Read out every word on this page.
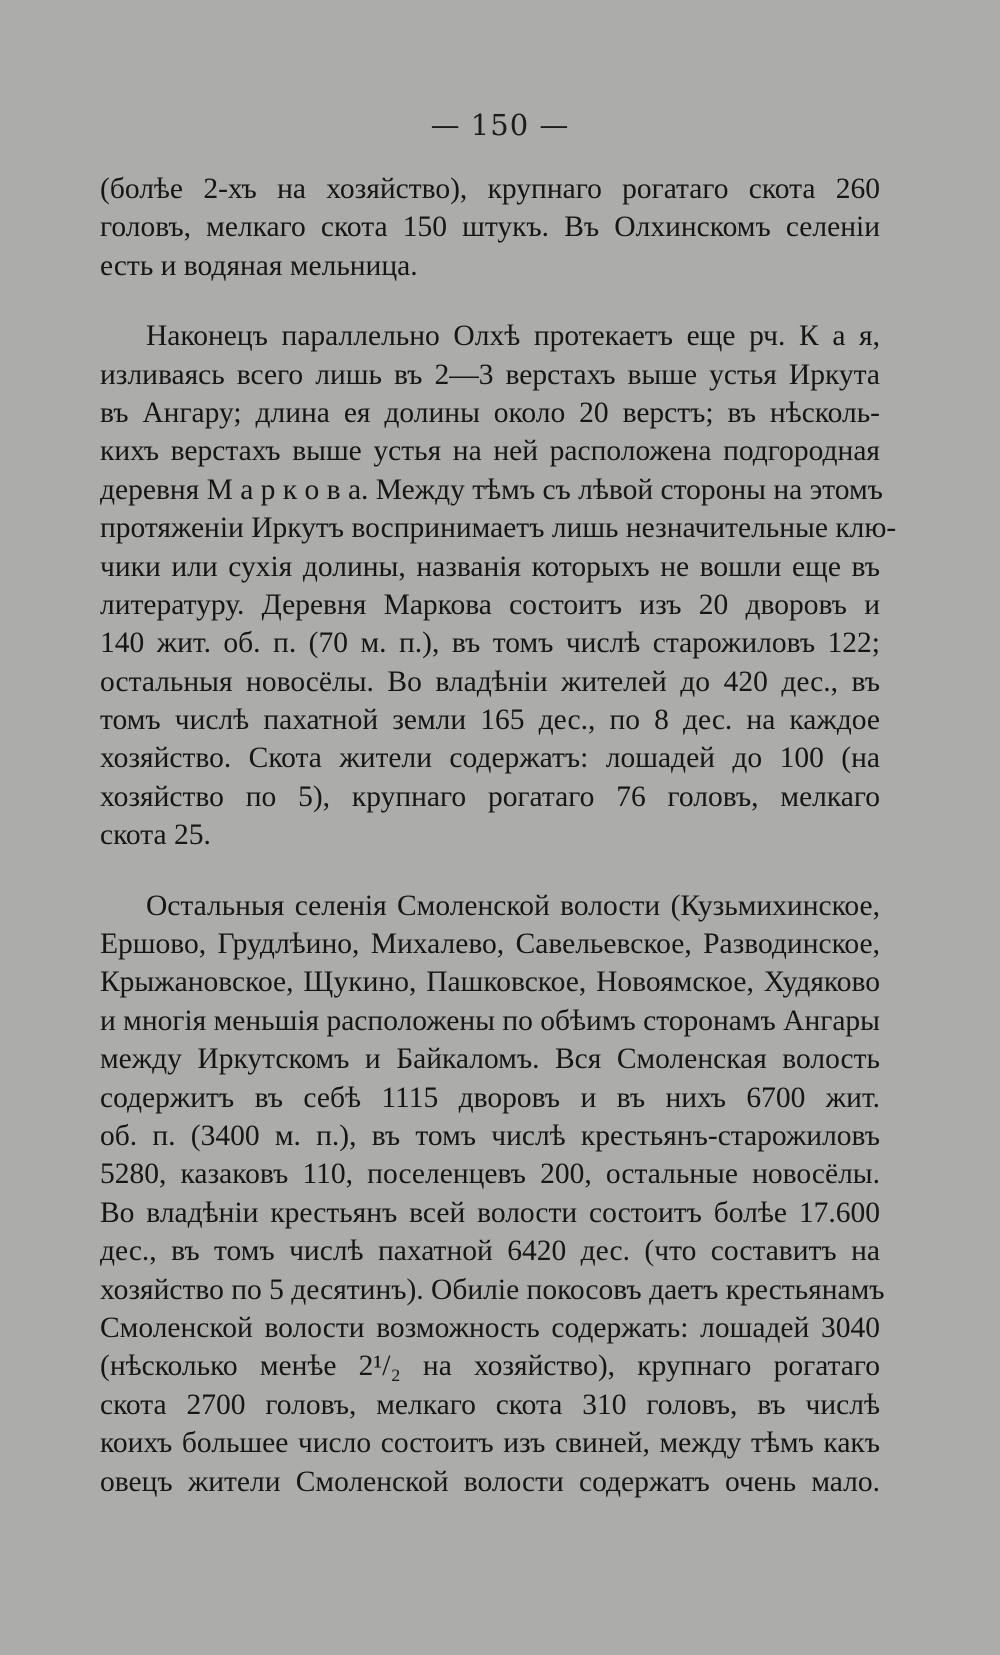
— 150 —
(болѣе 2-хъ на хозяйство), крупнаго рогатаго скота 260
головъ, мелкаго скота 150 штукъ. Въ Олхинскомъ селенiи
есть и водяная мельница.
Наконецъ параллельно Олхѣ протекаетъ еще рч. К а я,
изливаясь всего лишь въ 2—3 верстахъ выше устья Иркута
въ Ангару; длина ея долины около 20 верстъ; въ нѣсколь-
кихъ верстахъ выше устья на ней расположена подгородная
деревня М а р к о в а. Между тѣмъ съ лѣвой стороны на этомъ
протяженiи Иркутъ воспринимаетъ лишь незначительные клю-
чики или сухiя долины, названiя которыхъ не вошли еще въ
литературу. Деревня Маркова состоитъ изъ 20 дворовъ и
140 жит. об. п. (70 м. п.), въ томъ числѣ старожиловъ 122;
остальныя новосёлы. Во владѣнiи жителей до 420 дес., въ
томъ числѣ пахатной земли 165 дес., по 8 дес. на каждое
хозяйство. Скота жители содержатъ: лошадей до 100 (на
хозяйство по 5), крупнаго рогатаго 76 головъ, мелкаго
скота 25.
Остальныя селенiя Смоленской волости (Кузьмихинское,
Ершово, Грудлѣино, Михалево, Савельевское, Разводинское,
Крыжановское, Щукино, Пашковское, Новоямское, Худяково
и многiя меньшiя расположены по обѣимъ сторонамъ Ангары
между Иркутскомъ и Байкаломъ. Вся Смоленская волость
содержитъ въ себѣ 1115 дворовъ и въ нихъ 6700 жит.
об. п. (3400 м. п.), въ томъ числѣ крестьянъ-старожиловъ
5280, казаковъ 110, поселенцевъ 200, остальные новосёлы.
Во владѣнiи крестьянъ всей волости состоитъ болѣе 17.600
дес., въ томъ числѣ пахатной 6420 дес. (что составитъ на
хозяйство по 5 десятинъ). Обилiе покосовъ даетъ крестьянамъ
Смоленской волости возможность содержать: лошадей 3040
(нѣсколько менѣе 2¹/₂ на хозяйство), крупнаго рогатаго
скота 2700 головъ, мелкаго скота 310 головъ, въ числѣ
коихъ большее число состоитъ изъ свиней, между тѣмъ какъ
овецъ жители Смоленской волости содержатъ очень мало.
